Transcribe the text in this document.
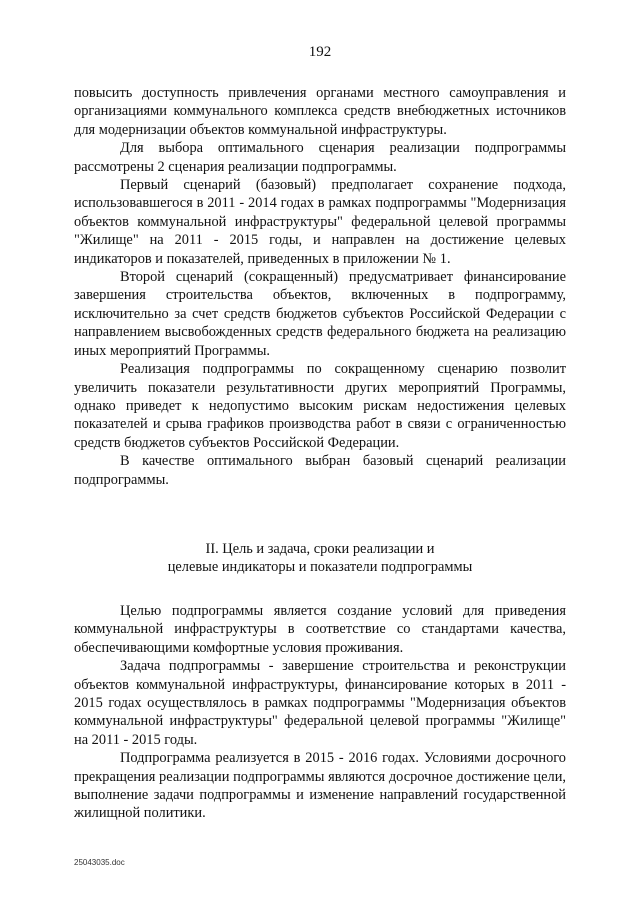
192

повысить доступность привлечения органами местного самоуправления и организациями коммунального комплекса средств внебюджетных источников для модернизации объектов коммунальной инфраструктуры.

Для выбора оптимального сценария реализации подпрограммы рассмотрены 2 сценария реализации подпрограммы.

Первый сценарий (базовый) предполагает сохранение подхода, использовавшегося в 2011 - 2014 годах в рамках подпрограммы "Модернизация объектов коммунальной инфраструктуры" федеральной целевой программы "Жилище" на 2011 - 2015 годы, и направлен на достижение целевых индикаторов и показателей, приведенных в приложении № 1.

Второй сценарий (сокращенный) предусматривает финансирование завершения строительства объектов, включенных в подпрограмму, исключительно за счет средств бюджетов субъектов Российской Федерации с направлением высвобожденных средств федерального бюджета на реализацию иных мероприятий Программы.

Реализация подпрограммы по сокращенному сценарию позволит увеличить показатели результативности других мероприятий Программы, однако приведет к недопустимо высоким рискам недостижения целевых показателей и срыва графиков производства работ в связи с ограниченностью средств бюджетов субъектов Российской Федерации.

В качестве оптимального выбран базовый сценарий реализации подпрограммы.

II. Цель и задача, сроки реализации и

целевые индикаторы и показатели подпрограммы

Целью подпрограммы является создание условий для приведения коммунальной инфраструктуры в соответствие со стандартами качества, обеспечивающими комфортные условия проживания.

Задача подпрограммы - завершение строительства и реконструкции объектов коммунальной инфраструктуры, финансирование которых в 2011 - 2015 годах осуществлялось в рамках подпрограммы "Модернизация объектов коммунальной инфраструктуры" федеральной целевой программы "Жилище" на 2011 - 2015 годы.

Подпрограмма реализуется в 2015 - 2016 годах. Условиями досрочного прекращения реализации подпрограммы являются досрочное достижение цели, выполнение задачи подпрограммы и изменение направлений государственной жилищной политики.

25043035.doc
